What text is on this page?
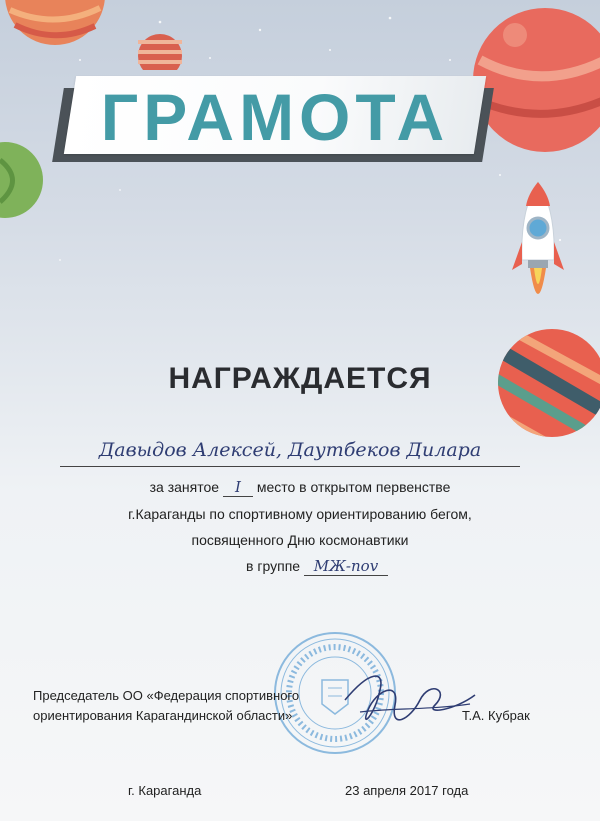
ГРАМОТА
НАГРАЖДАЕТСЯ
Давыдов Алексей, Даутбеков Дилара
за занятое I место в открытом первенстве
г.Караганды по спортивному ориентированию бегом,
посвященного Дню космонавтики
в группе МЖ-nov
Председатель ОО «Федерация спортивного
ориентирования Карагандинской области»	Т.А. Кубрак
г. Караганда	23 апреля 2017 года
